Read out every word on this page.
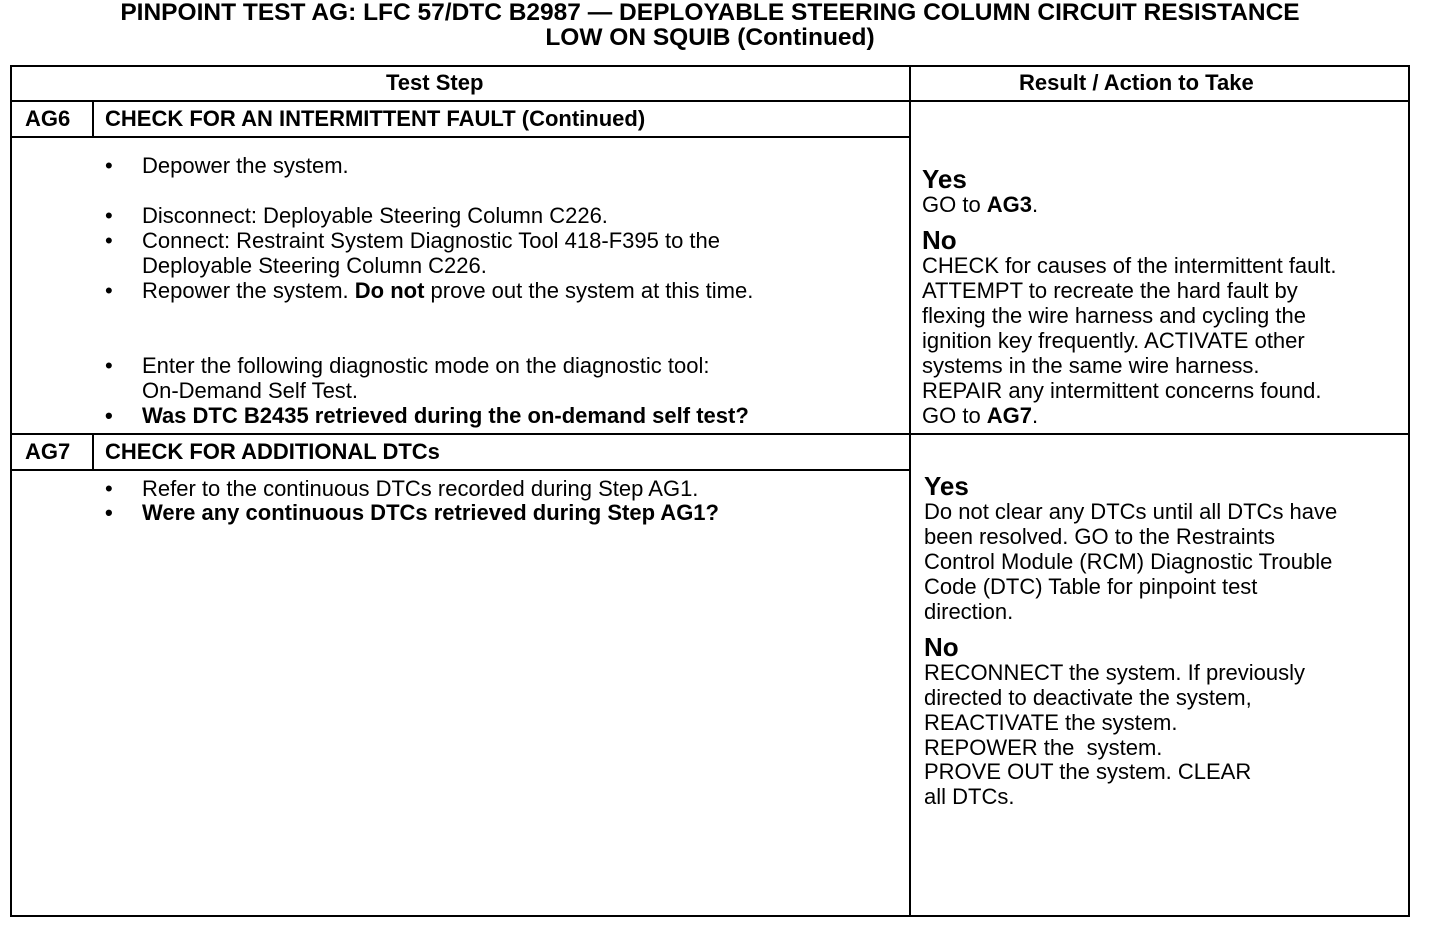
PINPOINT TEST AG: LFC 57/DTC B2987 — DEPLOYABLE STEERING COLUMN CIRCUIT RESISTANCE
LOW ON SQUIB (Continued)
Test Step	Result / Action to Take
AG6 CHECK FOR AN INTERMITTENT FAULT (Continued)
• Depower the system.
• Disconnect: Deployable Steering Column C226.
• Connect: Restraint System Diagnostic Tool 418-F395 to the
Deployable Steering Column C226.
• Repower the system. Do not prove out the system at this time.
• Enter the following diagnostic mode on the diagnostic tool:
On-Demand Self Test.
• Was DTC B2435 retrieved during the on-demand self test?
Yes
GO to AG3.
No
CHECK for causes of the intermittent fault.
ATTEMPT to recreate the hard fault by
flexing the wire harness and cycling the
ignition key frequently. ACTIVATE other
systems in the same wire harness.
REPAIR any intermittent concerns found.
GO to AG7.
AG7 CHECK FOR ADDITIONAL DTCs
• Refer to the continuous DTCs recorded during Step AG1.
• Were any continuous DTCs retrieved during Step AG1?
Yes
Do not clear any DTCs until all DTCs have
been resolved. GO to the Restraints
Control Module (RCM) Diagnostic Trouble
Code (DTC) Table for pinpoint test
direction.
No
RECONNECT the system. If previously
directed to deactivate the system,
REACTIVATE the system.
REPOWER the  system.
PROVE OUT the system. CLEAR
all DTCs.
